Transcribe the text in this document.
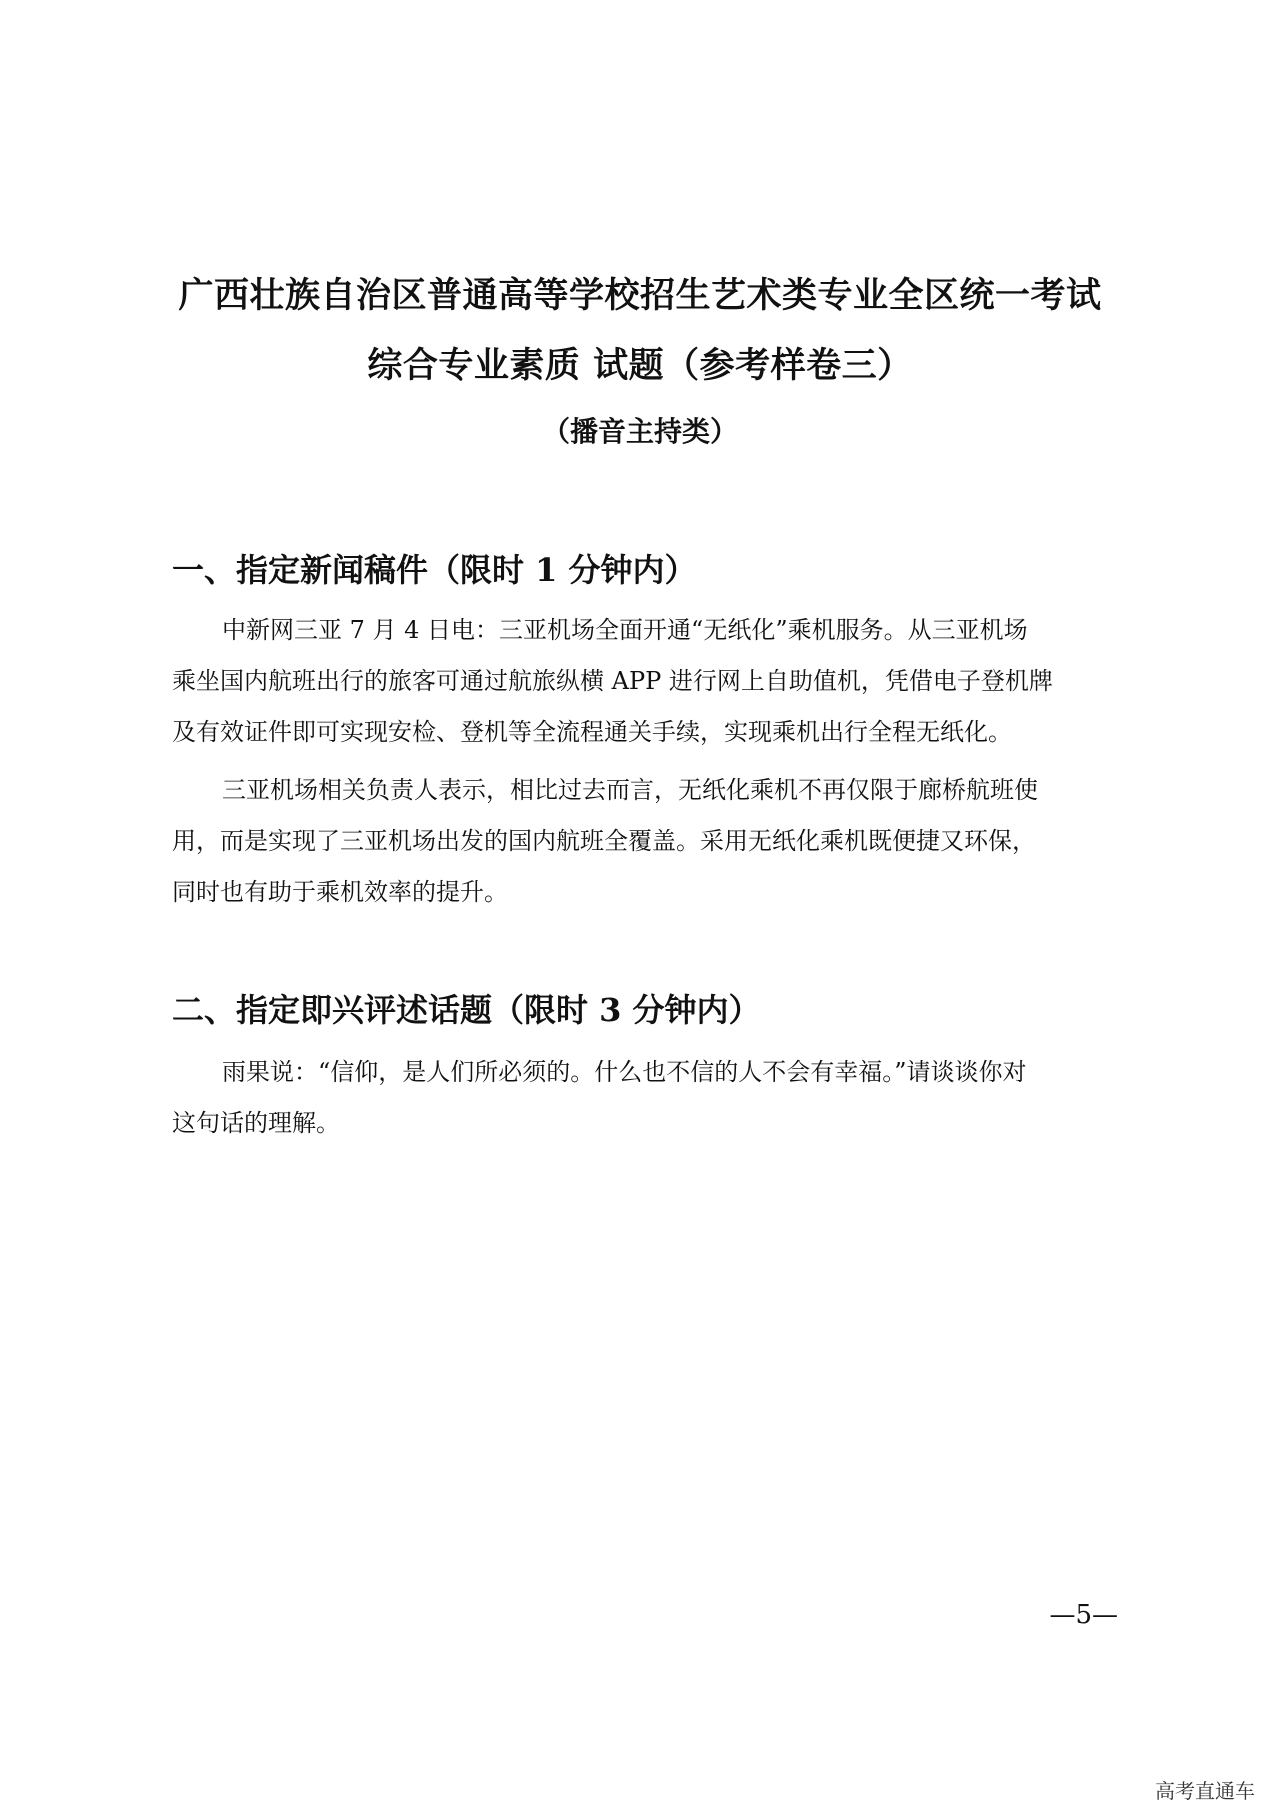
广西壮族自治区普通高等学校招生艺术类专业全区统一考试
综合专业素质 试题（参考样卷三）
（播音主持类）
一、指定新闻稿件（限时 1 分钟内）
中新网三亚 7 月 4 日电：三亚机场全面开通“无纸化”乘机服务。从三亚机场
乘坐国内航班出行的旅客可通过航旅纵横 APP 进行网上自助值机，凭借电子登机牌
及有效证件即可实现安检、登机等全流程通关手续，实现乘机出行全程无纸化。
三亚机场相关负责人表示，相比过去而言，无纸化乘机不再仅限于廊桥航班使
用，而是实现了三亚机场出发的国内航班全覆盖。采用无纸化乘机既便捷又环保，
同时也有助于乘机效率的提升。
二、指定即兴评述话题（限时 3 分钟内）
雨果说：“信仰，是人们所必须的。什么也不信的人不会有幸福。”请谈谈你对
这句话的理解。
—5—
高考直通车
